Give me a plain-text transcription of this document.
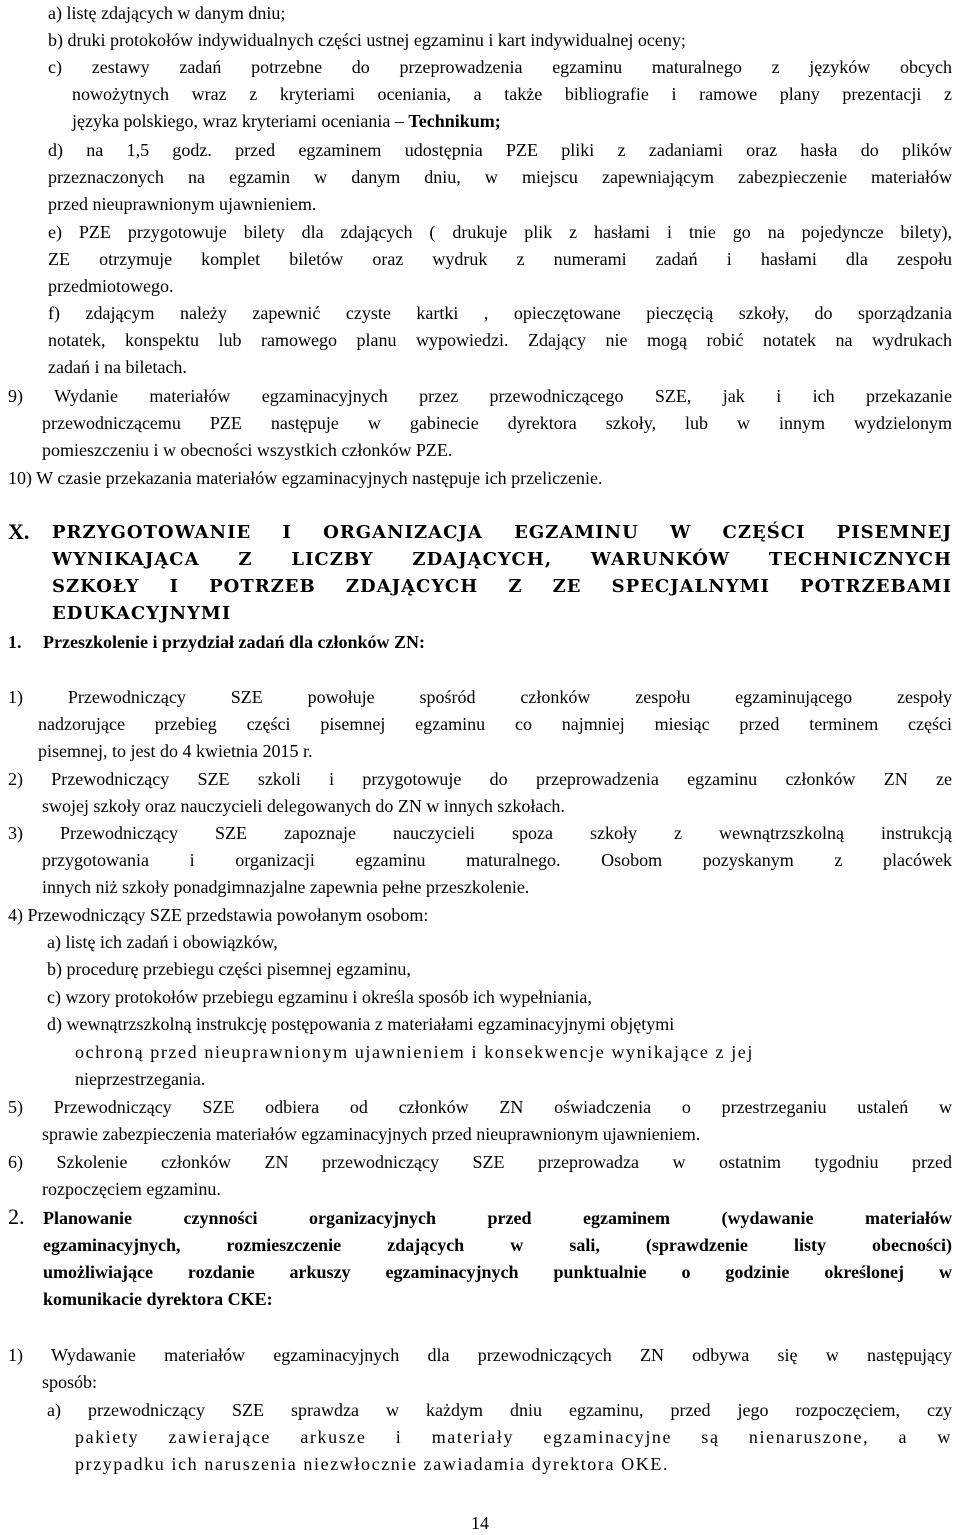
a) listę zdających w danym dniu;
b) druki protokołów indywidualnych części ustnej egzaminu i kart indywidualnej oceny;
c) zestawy zadań potrzebne do przeprowadzenia egzaminu maturalnego z języków obcych
nowożytnych wraz z kryteriami oceniania, a także bibliografie i ramowe plany prezentacji z
języka polskiego, wraz kryteriami oceniania – Technikum;
d) na 1,5 godz. przed egzaminem udostępnia PZE pliki z zadaniami oraz hasła do plików
przeznaczonych na egzamin w danym dniu, w miejscu zapewniającym zabezpieczenie materiałów
przed nieuprawnionym ujawnieniem.
e) PZE przygotowuje bilety dla zdających ( drukuje plik z hasłami i tnie go na pojedyncze bilety),
ZE otrzymuje komplet biletów oraz wydruk z numerami zadań i hasłami dla zespołu
przedmiotowego.
f) zdającym należy zapewnić czyste kartki , opieczętowane pieczęcią szkoły, do sporządzania
notatek, konspektu lub ramowego planu wypowiedzi. Zdający nie mogą robić notatek na wydrukach
zadań i na biletach.
9) Wydanie materiałów egzaminacyjnych przez przewodniczącego SZE, jak i ich przekazanie
przewodniczącemu PZE następuje w gabinecie dyrektora szkoły, lub w innym wydzielonym
pomieszczeniu i w obecności wszystkich członków PZE.
10) W czasie przekazania materiałów egzaminacyjnych następuje ich przeliczenie.
X. PRZYGOTOWANIE I ORGANIZACJA EGZAMINU W CZĘŚCI PISEMNEJ
WYNIKAJĄCA Z LICZBY ZDAJĄCYCH, WARUNKÓW TECHNICZNYCH
SZKOŁY I POTRZEB ZDAJĄCYCH Z ZE SPECJALNYMI POTRZEBAMI
EDUKACYJNYMI
1. Przeszkolenie i przydział zadań dla członków ZN:
1) Przewodniczący SZE powołuje spośród członków zespołu egzaminującego zespoły
nadzorujące przebieg części pisemnej egzaminu co najmniej miesiąc przed terminem części
pisemnej, to jest do 4 kwietnia 2015 r.
2) Przewodniczący SZE szkoli i przygotowuje do przeprowadzenia egzaminu członków ZN ze
swojej szkoły oraz nauczycieli delegowanych do ZN w innych szkołach.
3) Przewodniczący SZE zapoznaje nauczycieli spoza szkoły z wewnątrzszkolną instrukcją
przygotowania i organizacji egzaminu maturalnego. Osobom pozyskanym z placówek
innych niż szkoły ponadgimnazjalne zapewnia pełne przeszkolenie.
4) Przewodniczący SZE przedstawia powołanym osobom:
a) listę ich zadań i obowiązków,
b) procedurę przebiegu części pisemnej egzaminu,
c) wzory protokołów przebiegu egzaminu i określa sposób ich wypełniania,
d) wewnątrzszkolną instrukcję postępowania z materiałami egzaminacyjnymi objętymi
ochroną przed nieuprawnionym ujawnieniem i konsekwencje wynikające z jej
nieprzestrzegania.
5) Przewodniczący SZE odbiera od członków ZN oświadczenia o przestrzeganiu ustaleń w
sprawie zabezpieczenia materiałów egzaminacyjnych przed nieuprawnionym ujawnieniem.
6) Szkolenie członków ZN przewodniczący SZE przeprowadza w ostatnim tygodniu przed
rozpoczęciem egzaminu.
2. Planowanie czynności organizacyjnych przed egzaminem (wydawanie materiałów
egzaminacyjnych, rozmieszczenie zdających w sali, (sprawdzenie listy obecności)
umożliwiające rozdanie arkuszy egzaminacyjnych punktualnie o godzinie określonej w
komunikacie dyrektora CKE:
1) Wydawanie materiałów egzaminacyjnych dla przewodniczących ZN odbywa się w następujący
sposób:
a) przewodniczący SZE sprawdza w każdym dniu egzaminu, przed jego rozpoczęciem, czy
pakiety zawierające arkusze i materiały egzaminacyjne są nienaruszone, a w
przypadku ich naruszenia niezwłocznie zawiadamia dyrektora OKE.
14
